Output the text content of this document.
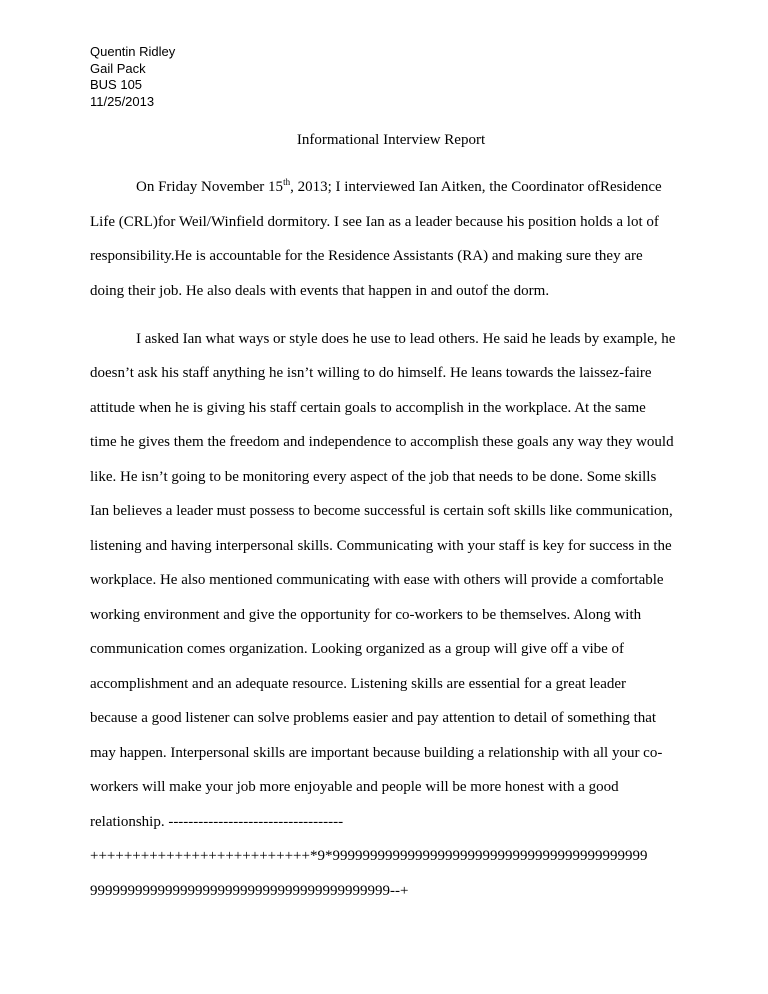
Quentin Ridley
Gail Pack
BUS 105
11/25/2013
Informational Interview Report
On Friday November 15th, 2013; I interviewed Ian Aitken, the Coordinator ofResidence
Life (CRL)for Weil/Winfield dormitory. I see Ian as a leader because his position holds a lot of
responsibility.He is accountable for the Residence Assistants (RA) and making sure they are
doing their job. He also deals with events that happen in and outof the dorm.
I asked Ian what ways or style does he use to lead others. He said he leads by example, he
doesn’t ask his staff anything he isn’t willing to do himself. He leans towards the laissez-faire
attitude when he is giving his staff certain goals to accomplish in the workplace. At the same
time he gives them the freedom and independence to accomplish these goals any way they would
like. He isn’t going to be monitoring every aspect of the job that needs to be done. Some skills
Ian believes a leader must possess to become successful is certain soft skills like communication,
listening and having interpersonal skills. Communicating with your staff is key for success in the
workplace. He also mentioned communicating with ease with others will provide a comfortable
working environment and give the opportunity for co-workers to be themselves. Along with
communication comes organization. Looking organized as a group will give off a vibe of
accomplishment and an adequate resource. Listening skills are essential for a great leader
because a good listener can solve problems easier and pay attention to detail of something that
may happen. Interpersonal skills are important because building a relationship with all your co-
workers will make your job more enjoyable and people will be more honest with a good
relationship. -----------------------------------
++++++++++++++++++++++++++*9*999999999999999999999999999999999999999999
9999999999999999999999999999999999999999-‑+
